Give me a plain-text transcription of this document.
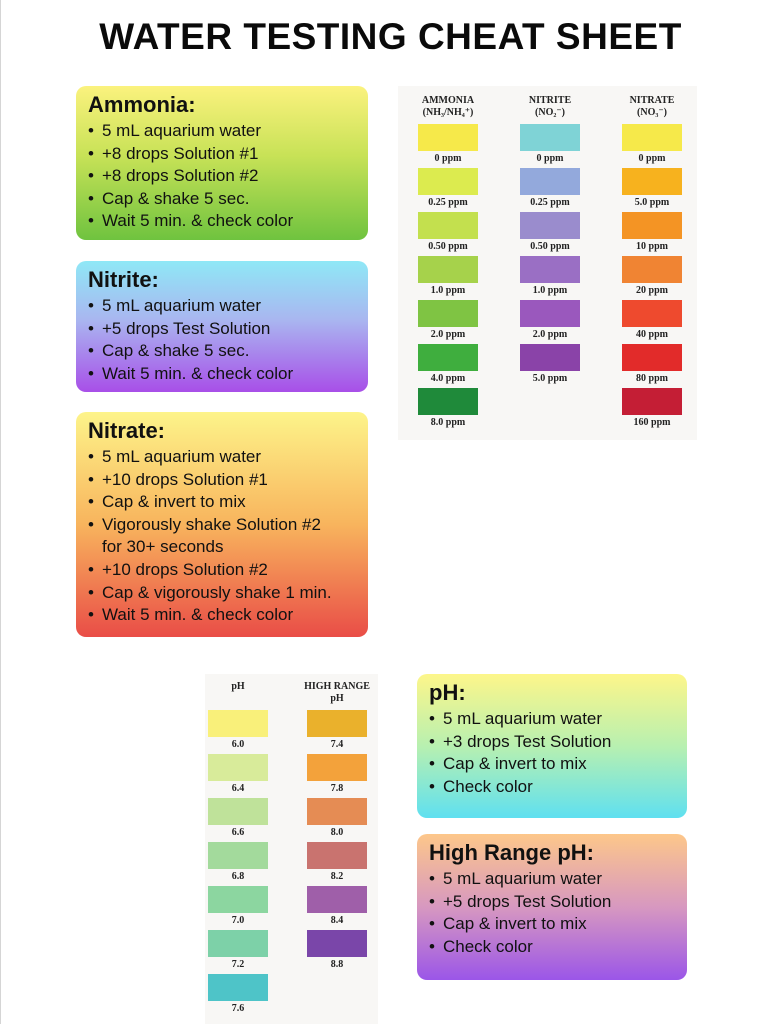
WATER TESTING CHEAT SHEET
Ammonia:
• 5 mL aquarium water
• +8 drops Solution #1
• +8 drops Solution #2
• Cap & shake 5 sec.
• Wait 5 min. & check color
Nitrite:
• 5 mL aquarium water
• +5 drops Test Solution
• Cap & shake 5 sec.
• Wait 5 min. & check color
Nitrate:
• 5 mL aquarium water
• +10 drops Solution #1
• Cap & invert to mix
• Vigorously shake Solution #2
for 30+ seconds
• +10 drops Solution #2
• Cap & vigorously shake 1 min.
• Wait 5 min. & check color
pH:
• 5 mL aquarium water
• +3 drops Test Solution
• Cap & invert to mix
• Check color
High Range pH:
• 5 mL aquarium water
• +5 drops Test Solution
• Cap & invert to mix
• Check color
AMMONIA
(NH₃/NH₄⁺)
0 ppm
0.25 ppm
0.50 ppm
1.0 ppm
2.0 ppm
4.0 ppm
8.0 ppm
NITRITE
(NO₂⁻)
0 ppm
0.25 ppm
0.50 ppm
1.0 ppm
2.0 ppm
5.0 ppm
NITRATE
(NO₃⁻)
0 ppm
5.0 ppm
10 ppm
20 ppm
40 ppm
80 ppm
160 ppm
pH
6.0
6.4
6.6
6.8
7.0
7.2
7.6
HIGH RANGE
pH
7.4
7.8
8.0
8.2
8.4
8.8
